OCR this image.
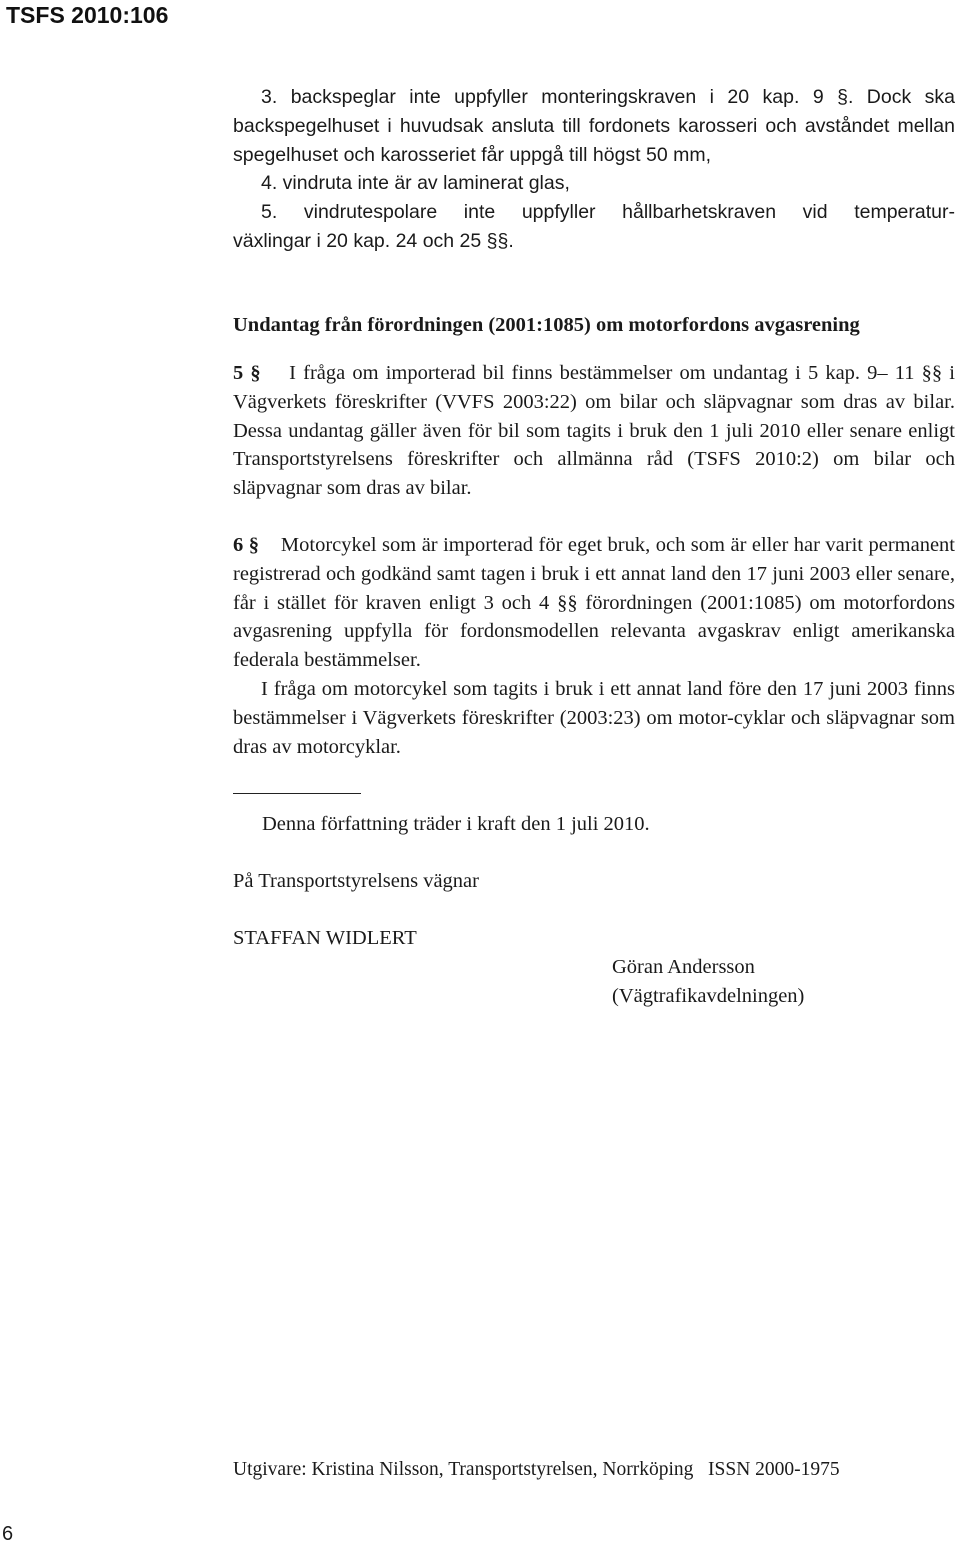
TSFS 2010:106

3. backspeglar inte uppfyller monteringskraven i 20 kap. 9 §. Dock ska

backspegelhuset i huvudsak ansluta till fordonets karosseri och avståndet mellan spegelhuset och karosseriet får uppgå till högst 50 mm,

4. vindruta inte är av laminerat glas,

5. vindrutespolare inte uppfyller hållbarhetskraven vid temperatur-

växlingar i 20 kap. 24 och 25 §§.

Undantag från förordningen (2001:1085) om motorfordons avgasrening

5 § I fråga om importerad bil finns bestämmelser om undantag i 5 kap. 9– 11 §§ i Vägverkets föreskrifter (VVFS 2003:22) om bilar och släpvagnar som dras av bilar. Dessa undantag gäller även för bil som tagits i bruk den 1 juli 2010 eller senare enligt Transportstyrelsens föreskrifter och allmänna råd (TSFS 2010:2) om bilar och släpvagnar som dras av bilar.

6 § Motorcykel som är importerad för eget bruk, och som är eller har varit permanent registrerad och godkänd samt tagen i bruk i ett annat land den 17 juni 2003 eller senare, får i stället för kraven enligt 3 och 4 §§ förordningen (2001:1085) om motorfordons avgasrening uppfylla för fordonsmodellen relevanta avgaskrav enligt amerikanska federala bestämmelser.

I fråga om motorcykel som tagits i bruk i ett annat land före den 17 juni 2003 finns bestämmelser i Vägverkets föreskrifter (2003:23) om motor-cyklar och släpvagnar som dras av motorcyklar.

Denna författning träder i kraft den 1 juli 2010.
På Transportstyrelsens vägnar
STAFFAN WIDLERT
Göran Andersson
(Vägtrafikavdelningen)
Utgivare: Kristina Nilsson, Transportstyrelsen, Norrköping ISSN 2000-1975
6
